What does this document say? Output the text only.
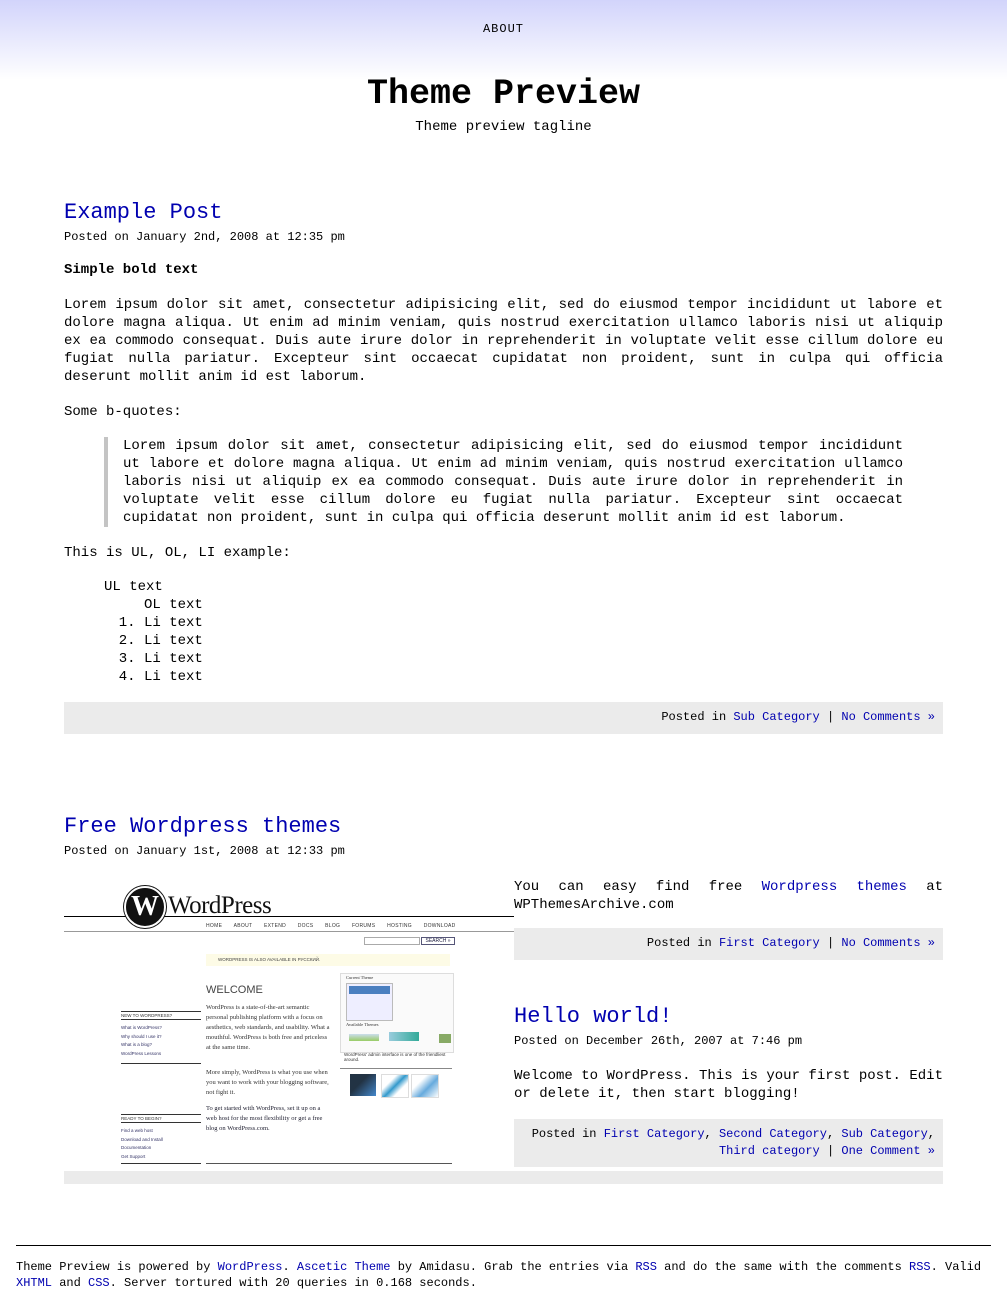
ABOUT
Theme Preview
Theme preview tagline
Example Post

Posted on January 2nd, 2008 at 12:35 pm

Simple bold text

Lorem ipsum dolor sit amet, consectetur adipisicing elit, sed do eiusmod tempor incididunt ut labore et dolore magna aliqua. Ut enim ad minim veniam, quis nostrud exercitation ullamco laboris nisi ut aliquip ex ea commodo consequat. Duis aute irure dolor in reprehenderit in voluptate velit esse cillum dolore eu fugiat nulla pariatur. Excepteur sint occaecat cupidatat non proident, sunt in culpa qui officia deserunt mollit anim id est laborum.

Some b-quotes:

Lorem ipsum dolor sit amet, consectetur adipisicing elit, sed do eiusmod tempor incididunt ut labore et dolore magna aliqua. Ut enim ad minim veniam, quis nostrud exercitation ullamco laboris nisi ut aliquip ex ea commodo consequat. Duis aute irure dolor in reprehenderit in voluptate velit esse cillum dolore eu fugiat nulla pariatur. Excepteur sint occaecat cupidatat non proident, sunt in culpa qui officia deserunt mollit anim id est laborum.

This is UL, OL, LI example:

UL text
OL text
1. Li text
2. Li text
3. Li text
4. Li text
Posted in Sub Category | No Comments »
Free Wordpress themes

Posted on January 1st, 2008 at 12:33 pm

W WordPress
HOME ABOUT EXTEND DOCS BLOG FORUMS HOSTING DOWNLOAD
SEARCH »
WORDPRESS IS ALSO AVAILABLE IN РУССКИЙ.
WELCOME
WordPress is a state-of-the-art semantic personal publishing platform with a focus on aesthetics, web standards, and usability. What a mouthful. WordPress is both free and priceless at the same time.
More simply, WordPress is what you use when you want to work with your blogging software, not fight it.
To get started with WordPress, set it up on a web host for the most flexibility or get a free blog on WordPress.com.
NEW TO WORDPRESS?
What is WordPress?
Why should I use it?
What is a blog?
WordPress Lessons
READY TO BEGIN?
Find a web host
Download and Install
Documentation
Get Support
Current Theme
Available Themes
WordPress' admin interface is one of the friendliest around.

You can easy find free Wordpress themes at WPThemesArchive.com

Posted in First Category | No Comments »
Hello world!

Posted on December 26th, 2007 at 7:46 pm

Welcome to WordPress. This is your first post. Edit or delete it, then start blogging!

Posted in First Category, Second Category, Sub Category, Third category | One Comment »
Theme Preview is powered by WordPress. Ascetic Theme by Amidasu. Grab the entries via RSS and do the same with the comments RSS. Valid XHTML and CSS. Server tortured with 20 queries in 0.168 seconds.
